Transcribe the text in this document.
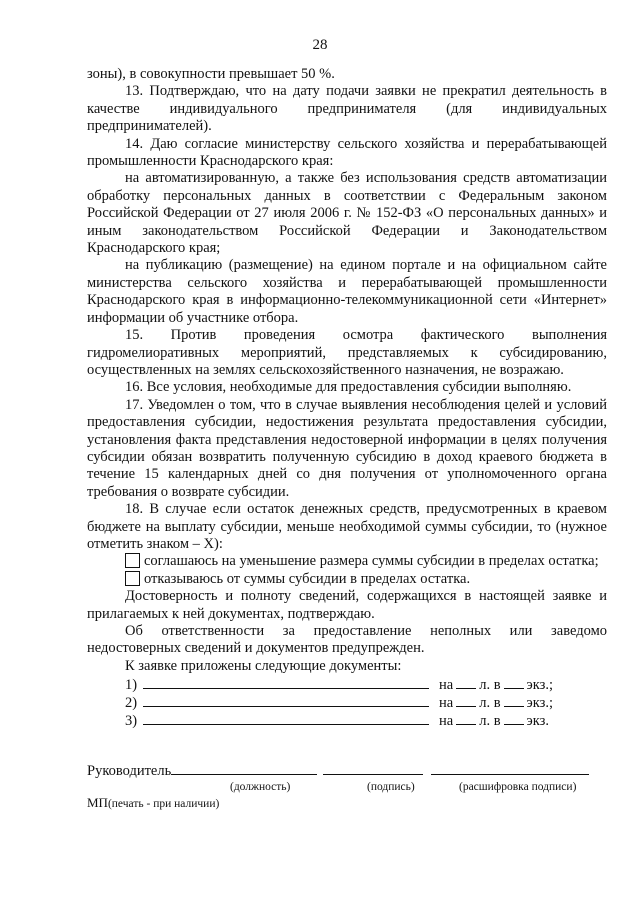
28

зоны), в совокупности превышает 50 %.

13. Подтверждаю, что на дату подачи заявки не прекратил деятельность в качестве индивидуального предпринимателя (для индивидуальных предпринимателей).

14. Даю согласие министерству сельского хозяйства и перерабатывающей промышленности Краснодарского края:

на автоматизированную, а также без использования средств автоматизации обработку персональных данных в соответствии с Федеральным законом Российской Федерации от 27 июля 2006 г. № 152-ФЗ «О персональных данных» и иным законодательством Российской Федерации и Законодательством Краснодарского края;

на публикацию (размещение) на едином портале и на официальном сайте министерства сельского хозяйства и перерабатывающей промышленности Краснодарского края в информационно-телекоммуникационной сети «Интернет» информации об участнике отбора.

15. Против проведения осмотра фактического выполнения гидромелиоративных мероприятий, представляемых к субсидированию, осуществленных на землях сельскохозяйственного назначения, не возражаю.

16. Все условия, необходимые для предоставления субсидии выполняю.

17. Уведомлен о том, что в случае выявления несоблюдения целей и условий предоставления субсидии, недостижения результата предоставления субсидии, установления факта представления недостоверной информации в целях получения субсидии обязан возвратить полученную субсидию в доход краевого бюджета в течение 15 календарных дней со дня получения от уполномоченного органа требования о возврате субсидии.

18. В случае если остаток денежных средств, предусмотренных в краевом бюджете на выплату субсидии, меньше необходимой суммы субсидии, то (нужное отметить знаком – X):

соглашаюсь на уменьшение размера суммы субсидии в пределах остатка;

отказываюсь от суммы субсидии в пределах остатка.

Достоверность и полноту сведений, содержащихся в настоящей заявке и прилагаемых к ней документах, подтверждаю.

Об ответственности за предоставление неполных или заведомо недостоверных сведений и документов предупрежден.

К заявке приложены следующие документы:

1)	на л. в экз.;
2)	на л. в экз.;
3)	на л. в экз.
Руководитель
(должность)	(подпись)	(расшифровка подписи)
МП(печать - при наличии)
